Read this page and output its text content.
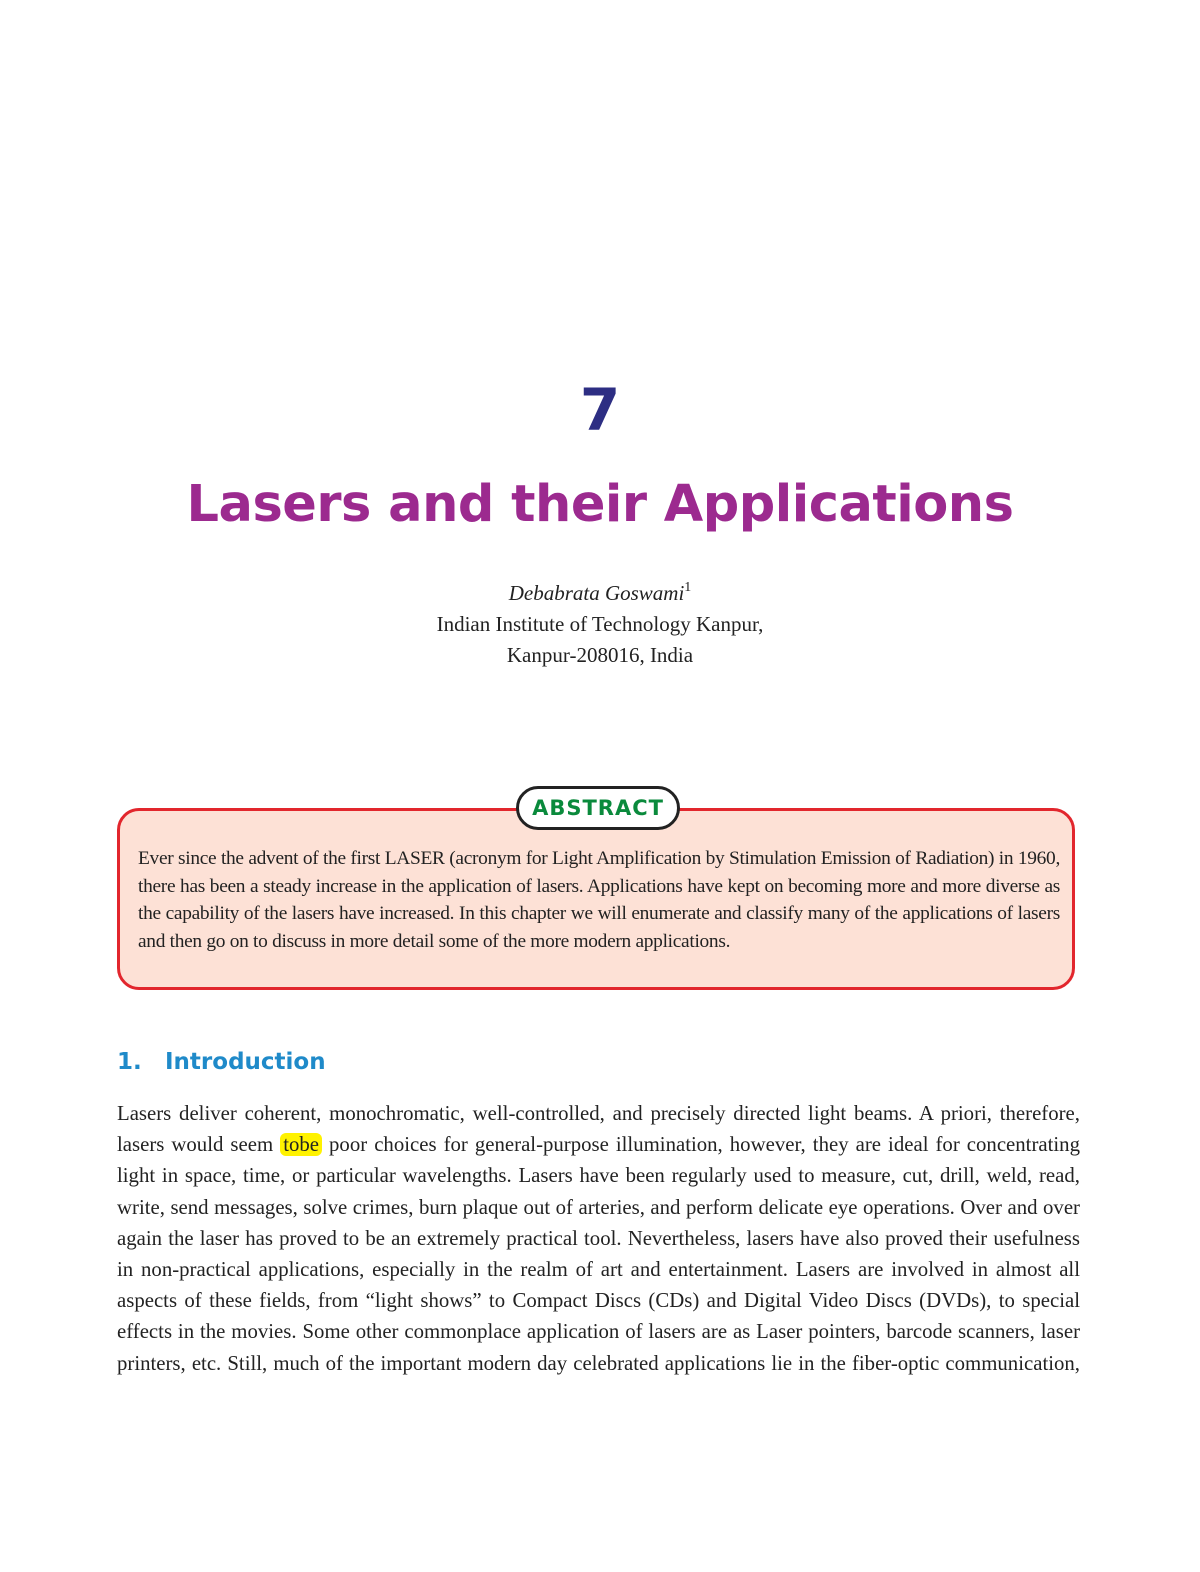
7
Lasers and their Applications
Debabrata Goswami$^1$
Indian Institute of Technology Kanpur,
Kanpur-208016, India
ABSTRACT
Ever since the advent of the first LASER (acronym for Light Amplification by Stimulation Emission of Radiation) in 1960, there has been a steady increase in the application of lasers. Applications have kept on becoming more and more diverse as the capability of the lasers have increased. In this chapter we will enumerate and classify many of the applications of lasers and then go on to discuss in more detail some of the more modern applications.
1. Introduction
Lasers deliver coherent, monochromatic, well-controlled, and precisely directed light beams. A priori, therefore, lasers would seem tobe poor choices for general-purpose illumination, however, they are ideal for concentrating light in space, time, or particular wavelengths. Lasers have been regularly used to measure, cut, drill, weld, read, write, send messages, solve crimes, burn plaque out of arteries, and perform delicate eye operations. Over and over again the laser has proved to be an extremely practical tool. Nevertheless, lasers have also proved their usefulness in non-practical applications, especially in the realm of art and entertainment. Lasers are involved in almost all aspects of these fields, from “light shows” to Compact Discs (CDs) and Digital Video Discs (DVDs), to special effects in the movies. Some other commonplace application of lasers are as Laser pointers, barcode scanners, laser printers, etc. Still, much of the important modern day celebrated applications lie in the fiber-optic communication,
